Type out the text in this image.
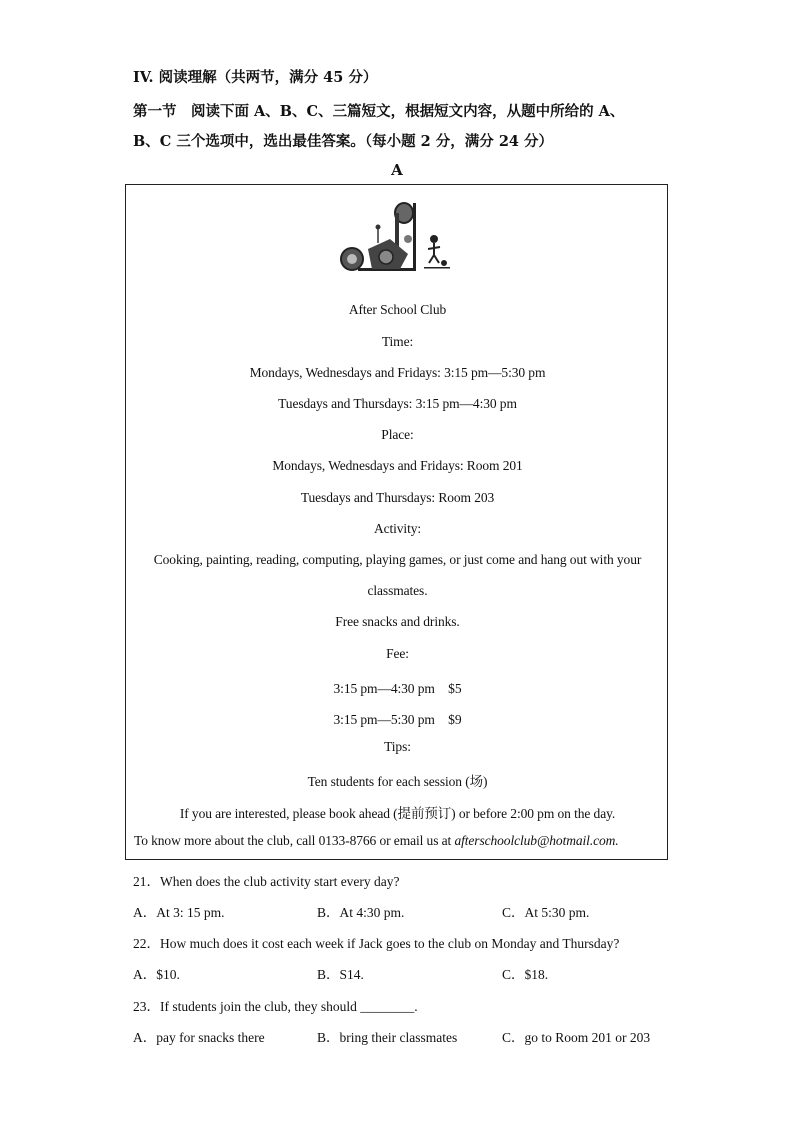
IV. 阅读理解（共两节，满分 45 分）
第一节　阅读下面 A、B、C、三篇短文，根据短文内容，从题中所给的 A、
B、C 三个选项中，选出最佳答案。（每小题 2 分，满分 24 分）
A
After School Club
Time:
Mondays, Wednesdays and Fridays: 3:15 pm—5:30 pm
Tuesdays and Thursdays: 3:15 pm—4:30 pm
Place:
Mondays, Wednesdays and Fridays: Room 201
Tuesdays and Thursdays: Room 203
Activity:
Cooking, painting, reading, computing, playing games, or just come and hang out with your
classmates.
Free snacks and drinks.
Fee:
3:15 pm—4:30 pm　$5
3:15 pm—5:30 pm　$9
Tips:
Ten students for each session (场)
If you are interested, please book ahead (提前预订) or before 2:00 pm on the day.
To know more about the club, call 0133-8766 or email us at afterschoolclub@hotmail.com.
21．When does the club activity start every day?
A．At 3: 15 pm.	B．At 4:30 pm.	C．At 5:30 pm.
22．How much does it cost each week if Jack goes to the club on Monday and Thursday?
A．$10.	B．S14.	C．$18.
23．If students join the club, they should ________.
A．pay for snacks there	B．bring their classmates	C．go to Room 201 or 203
